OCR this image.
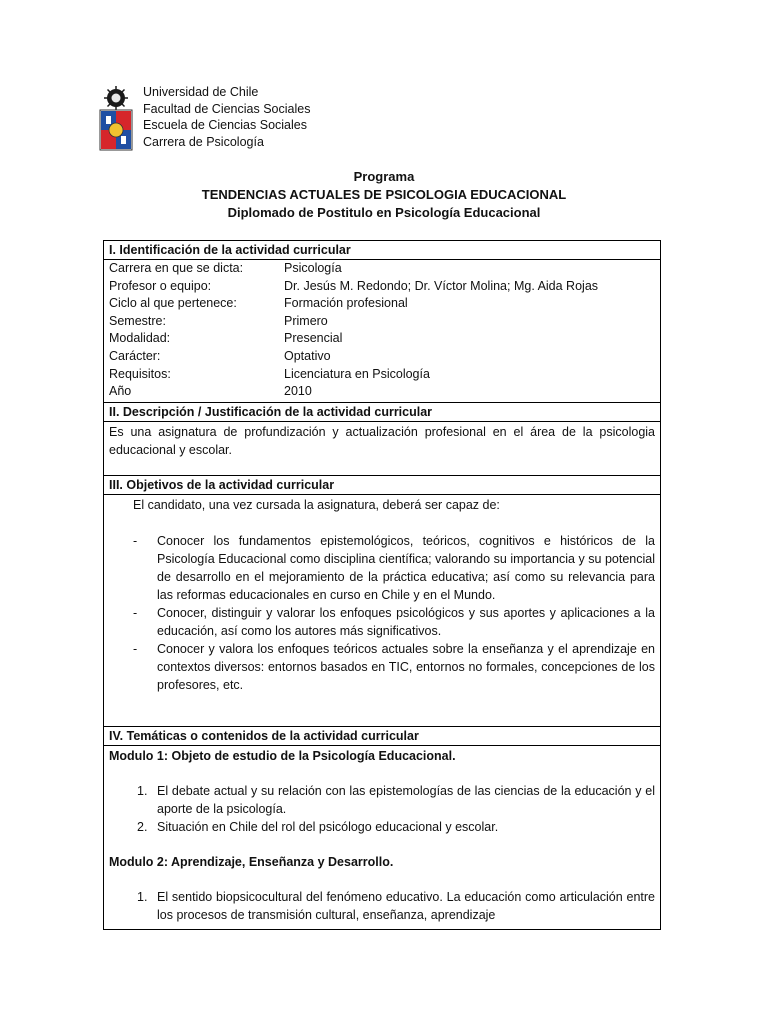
Universidad de Chile
Facultad de Ciencias Sociales
Escuela de Ciencias Sociales
Carrera de Psicología
Programa
TENDENCIAS ACTUALES DE PSICOLOGIA EDUCACIONAL
Diplomado de Postitulo en Psicología Educacional
I. Identificación de la actividad curricular
Carrera en que se dicta:	Psicología
Profesor o equipo:	Dr. Jesús M. Redondo; Dr. Víctor Molina; Mg. Aida Rojas
Ciclo al que pertenece:	Formación profesional
Semestre:	Primero
Modalidad:	Presencial
Carácter:	Optativo
Requisitos:	Licenciatura en Psicología
Año	2010
II. Descripción / Justificación de la actividad curricular
Es una asignatura de profundización y actualización profesional en el área de la psicologia educacional y escolar.
III. Objetivos de la actividad curricular

El candidato, una vez cursada la asignatura, deberá ser capaz de:

-	Conocer los fundamentos epistemológicos, teóricos, cognitivos e históricos de la Psicología Educacional como disciplina científica; valorando su importancia y su potencial de desarrollo en el mejoramiento de la práctica educativa; así como su relevancia para las reformas educacionales en curso en Chile y en el Mundo.
-	Conocer, distinguir y valorar los enfoques psicológicos y sus aportes y aplicaciones a la educación, así como los autores más significativos.
-	Conocer y valora los enfoques teóricos actuales sobre la enseñanza y el aprendizaje en contextos diversos: entornos basados en TIC, entornos no formales, concepciones de los profesores, etc.
IV. Temáticas o contenidos de la actividad curricular

Modulo 1: Objeto de estudio de la Psicología Educacional.

1. El debate actual y su relación con las epistemologías de las ciencias de la educación y el aporte de la psicología.
2. Situación en Chile del rol del psicólogo educacional y escolar.

Modulo 2: Aprendizaje, Enseñanza y Desarrollo.

1. El sentido biopsicocultural del fenómeno educativo. La educación como articulación entre los procesos de transmisión cultural, enseñanza, aprendizaje
